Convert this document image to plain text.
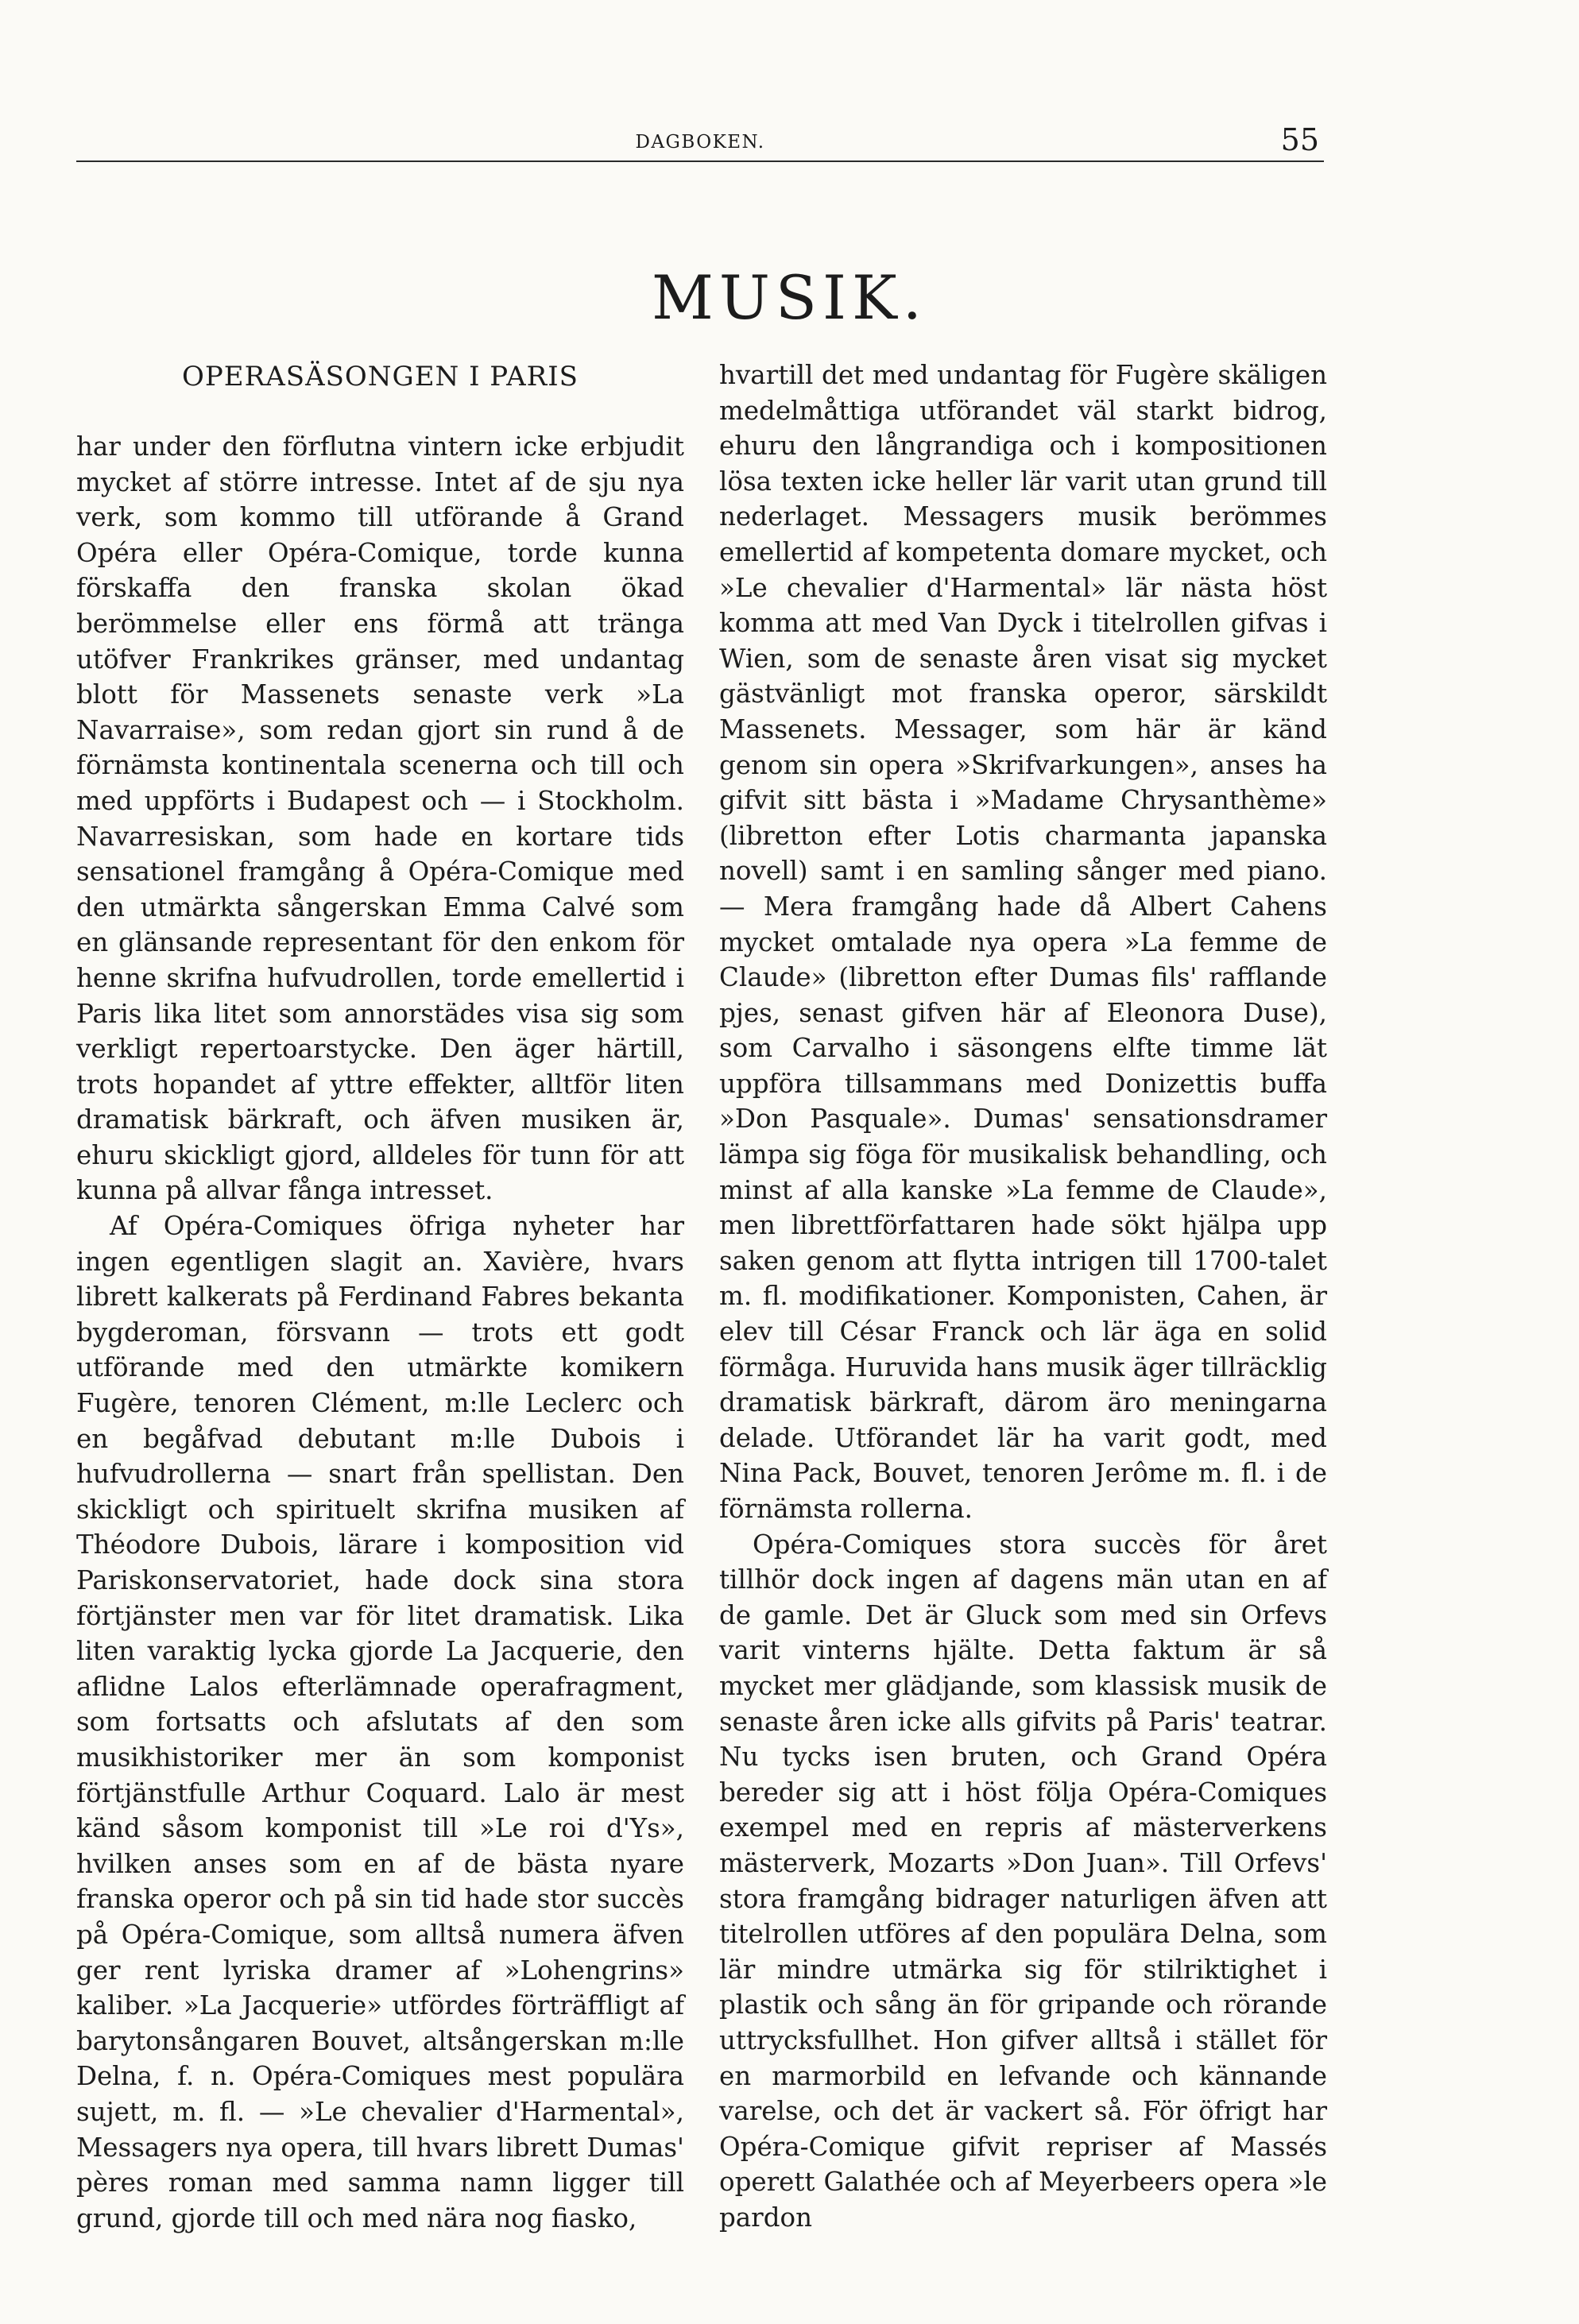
DAGBOKEN.	55
MUSIK.
OPERASÄSONGEN I PARIS

har under den förflutna vintern icke erbjudit mycket af större intresse. Intet af de sju nya verk, som kommo till utförande å Grand Opéra eller Opéra-Comique, torde kunna förskaffa den franska skolan ökad berömmelse eller ens förmå att tränga utöfver Frankrikes gränser, med undantag blott för Massenets senaste verk »La Navarraise», som redan gjort sin rund å de förnämsta kontinentala scenerna och till och med uppförts i Budapest och — i Stockholm. Navarresiskan, som hade en kortare tids sensationel framgång å Opéra-Comique med den utmärkta sångerskan Emma Calvé som en glänsande representant för den enkom för henne skrifna hufvudrollen, torde emellertid i Paris lika litet som annorstädes visa sig som verkligt repertoarstycke. Den äger härtill, trots hopandet af yttre effekter, alltför liten dramatisk bärkraft, och äfven musiken är, ehuru skickligt gjord, alldeles för tunn för att kunna på allvar fånga intresset.

Af Opéra-Comiques öfriga nyheter har ingen egentligen slagit an. Xavière, hvars librett kalkerats på Ferdinand Fabres bekanta bygderoman, försvann — trots ett godt utförande med den utmärkte komikern Fugère, tenoren Clément, m:lle Leclerc och en begåfvad debutant m:lle Dubois i hufvudrollerna — snart från spellistan. Den skickligt och spirituelt skrifna musiken af Théodore Dubois, lärare i komposition vid Pariskonservatoriet, hade dock sina stora förtjänster men var för litet dramatisk. Lika liten varaktig lycka gjorde La Jacquerie, den aflidne Lalos efterlämnade operafragment, som fortsatts och afslutats af den som musikhistoriker mer än som komponist förtjänstfulle Arthur Coquard. Lalo är mest känd såsom komponist till »Le roi d'Ys», hvilken anses som en af de bästa nyare franska operor och på sin tid hade stor succès på Opéra-Comique, som alltså numera äfven ger rent lyriska dramer af »Lohengrins» kaliber. »La Jacquerie» utfördes förträffligt af barytonsångaren Bouvet, altsångerskan m:lle Delna, f. n. Opéra-Comiques mest populära sujett, m. fl. — »Le chevalier d'Harmental», Messagers nya opera, till hvars librett Dumas' pères roman med samma namn ligger till grund, gjorde till och med nära nog fiasko,

hvartill det med undantag för Fugère skäligen medelmåttiga utförandet väl starkt bidrog, ehuru den långrandiga och i kompositionen lösa texten icke heller lär varit utan grund till nederlaget. Messagers musik berömmes emellertid af kompetenta domare mycket, och »Le chevalier d'Harmental» lär nästa höst komma att med Van Dyck i titelrollen gifvas i Wien, som de senaste åren visat sig mycket gästvänligt mot franska operor, särskildt Massenets. Messager, som här är känd genom sin opera »Skrifvarkungen», anses ha gifvit sitt bästa i »Madame Chrysanthème» (libretton efter Lotis charmanta japanska novell) samt i en samling sånger med piano. — Mera framgång hade då Albert Cahens mycket omtalade nya opera »La femme de Claude» (libretton efter Dumas fils' rafflande pjes, senast gifven här af Eleonora Duse), som Carvalho i säsongens elfte timme lät uppföra tillsammans med Donizettis buffa »Don Pasquale». Dumas' sensationsdramer lämpa sig föga för musikalisk behandling, och minst af alla kanske »La femme de Claude», men librettförfattaren hade sökt hjälpa upp saken genom att flytta intrigen till 1700-talet m. fl. modifikationer. Komponisten, Cahen, är elev till César Franck och lär äga en solid förmåga. Huruvida hans musik äger tillräcklig dramatisk bärkraft, därom äro meningarna delade. Utförandet lär ha varit godt, med Nina Pack, Bouvet, tenoren Jerôme m. fl. i de förnämsta rollerna.

Opéra-Comiques stora succès för året tillhör dock ingen af dagens män utan en af de gamle. Det är Gluck som med sin Orfevs varit vinterns hjälte. Detta faktum är så mycket mer glädjande, som klassisk musik de senaste åren icke alls gifvits på Paris' teatrar. Nu tycks isen bruten, och Grand Opéra bereder sig att i höst följa Opéra-Comiques exempel med en repris af mästerverkens mästerverk, Mozarts »Don Juan». Till Orfevs' stora framgång bidrager naturligen äfven att titelrollen utföres af den populära Delna, som lär mindre utmärka sig för stilriktighet i plastik och sång än för gripande och rörande uttrycksfullhet. Hon gifver alltså i stället för en marmorbild en lefvande och kännande varelse, och det är vackert så. För öfrigt har Opéra-Comique gifvit repriser af Massés operett Galathée och af Meyerbeers opera »le pardon
